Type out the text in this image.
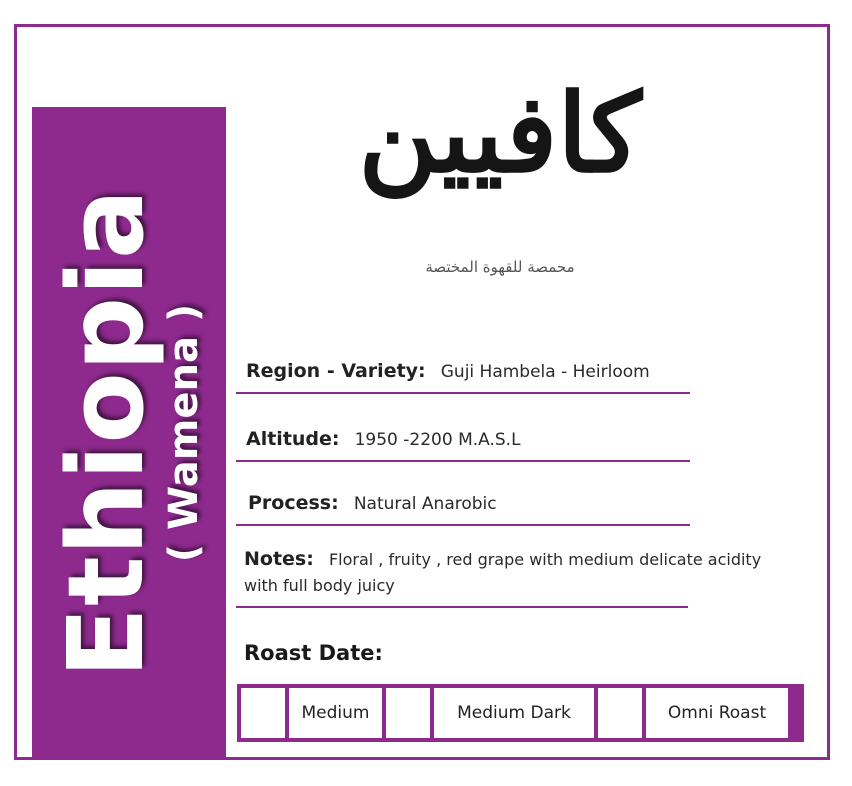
Ethiopia
( Wamena )
كافيين
محمصة للقهوة المختصة
Region - Variety: Guji Hambela - Heirloom
Altitude: 1950 -2200 M.A.S.L
Process: Natural Anarobic
Notes: Floral , fruity , red grape with medium delicate acidity
with full body juicy
Roast Date:
Medium	Medium Dark	Omni Roast
